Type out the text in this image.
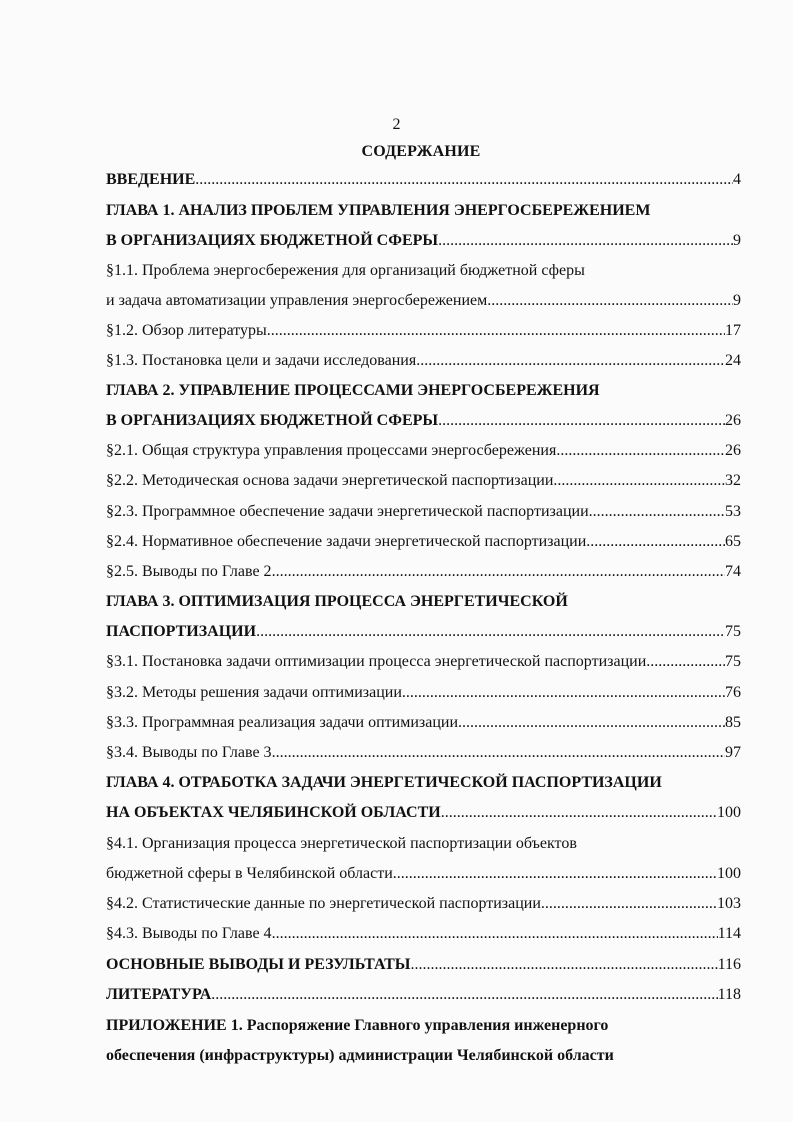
2
СОДЕРЖАНИЕ
ВВЕДЕНИЕ .....	4
ГЛАВА 1. АНАЛИЗ ПРОБЛЕМ УПРАВЛЕНИЯ ЭНЕРГОСБЕРЕЖЕНИЕМ
В ОРГАНИЗАЦИЯХ БЮДЖЕТНОЙ СФЕРЫ .....	9
§1.1. Проблема энергосбережения для организаций бюджетной сферы
и задача автоматизации управления энергосбережением .....	9
§1.2. Обзор литературы .....	17
§1.3. Постановка цели и задачи исследования .....	24
ГЛАВА 2. УПРАВЛЕНИЕ ПРОЦЕССАМИ ЭНЕРГОСБЕРЕЖЕНИЯ
В ОРГАНИЗАЦИЯХ БЮДЖЕТНОЙ СФЕРЫ .....	26
§2.1. Общая структура управления процессами энергосбережения .....	26
§2.2. Методическая основа задачи энергетической паспортизации .....	32
§2.3. Программное обеспечение задачи энергетической паспортизации .....	53
§2.4. Нормативное обеспечение задачи энергетической паспортизации .....	65
§2.5. Выводы по Главе 2 .....	74
ГЛАВА 3. ОПТИМИЗАЦИЯ ПРОЦЕССА ЭНЕРГЕТИЧЕСКОЙ
ПАСПОРТИЗАЦИИ .....	75
§3.1. Постановка задачи оптимизации процесса энергетической паспортизации .....	75
§3.2. Методы решения задачи оптимизации .....	76
§3.3. Программная реализация задачи оптимизации .....	85
§3.4. Выводы по Главе 3 .....	97
ГЛАВА 4. ОТРАБОТКА ЗАДАЧИ ЭНЕРГЕТИЧЕСКОЙ ПАСПОРТИЗАЦИИ
НА ОБЪЕКТАХ ЧЕЛЯБИНСКОЙ ОБЛАСТИ .....	100
§4.1. Организация процесса энергетической паспортизации объектов
бюджетной сферы в Челябинской области .....	100
§4.2. Статистические данные по энергетической паспортизации .....	103
§4.3. Выводы по Главе 4 .....	114
ОСНОВНЫЕ ВЫВОДЫ И РЕЗУЛЬТАТЫ .....	116
ЛИТЕРАТУРА .....	118
ПРИЛОЖЕНИЕ 1. Распоряжение Главного управления инженерного
обеспечения (инфраструктуры) администрации Челябинской области
